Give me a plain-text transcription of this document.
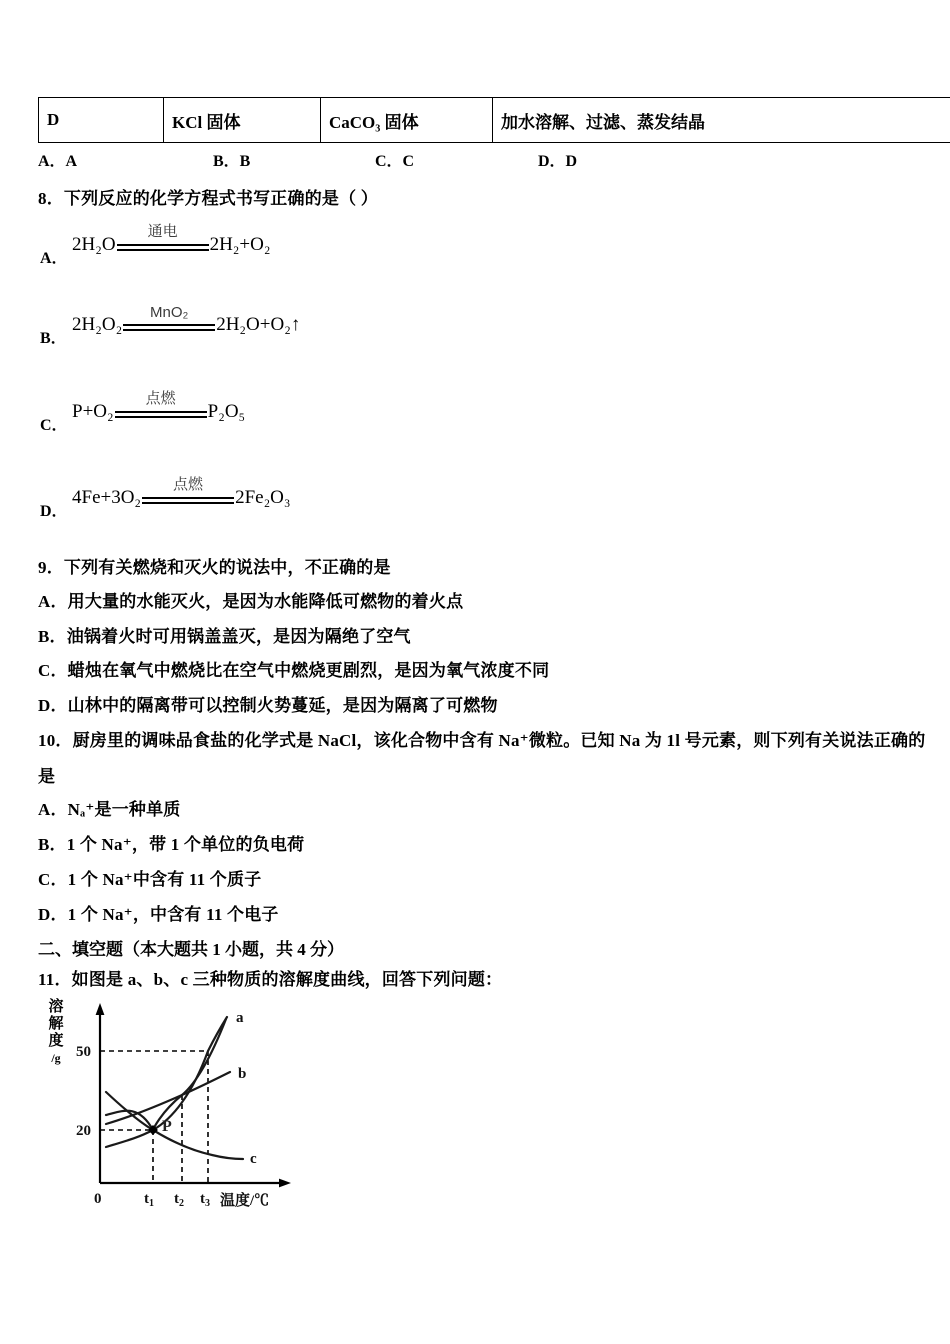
D	KCl 固体	CaCO₃ 固体	加水溶解、过滤、蒸发结晶
A．A	B．B	C．C	D．D
8．下列反应的化学方程式书写正确的是（ ）
A．
2H₂O
通电
2H₂+O₂
B．
2H₂O₂
MnO₂
2H₂O+O₂↑
C．
P+O₂
点燃
P₂O₅
D．
4Fe+3O₂
点燃
2Fe₂O₃
9．下列有关燃烧和灭火的说法中，不正确的是
A．用大量的水能灭火，是因为水能降低可燃物的着火点
B．油锅着火时可用锅盖盖灭，是因为隔绝了空气
C．蜡烛在氧气中燃烧比在空气中燃烧更剧烈，是因为氧气浓度不同
D．山林中的隔离带可以控制火势蔓延，是因为隔离了可燃物
10．厨房里的调味品食盐的化学式是 NaCl，该化合物中含有 Na⁺微粒。已知 Na 为 1l 号元素，则下列有关说法正确的
是
A．Nₐ⁺是一种单质
B．1 个 Na⁺，带 1 个单位的负电荷
C．1 个 Na⁺中含有 11 个质子
D．1 个 Na⁺，中含有 11 个电子
二、填空题（本大题共 1 小题，共 4 分）
11．如图是 a、b、c 三种物质的溶解度曲线，回答下列问题：
溶
解
度
/g
a
b
c
P
50
20
0	$t_1$ $t_2$ $t_3$ 温度/℃
